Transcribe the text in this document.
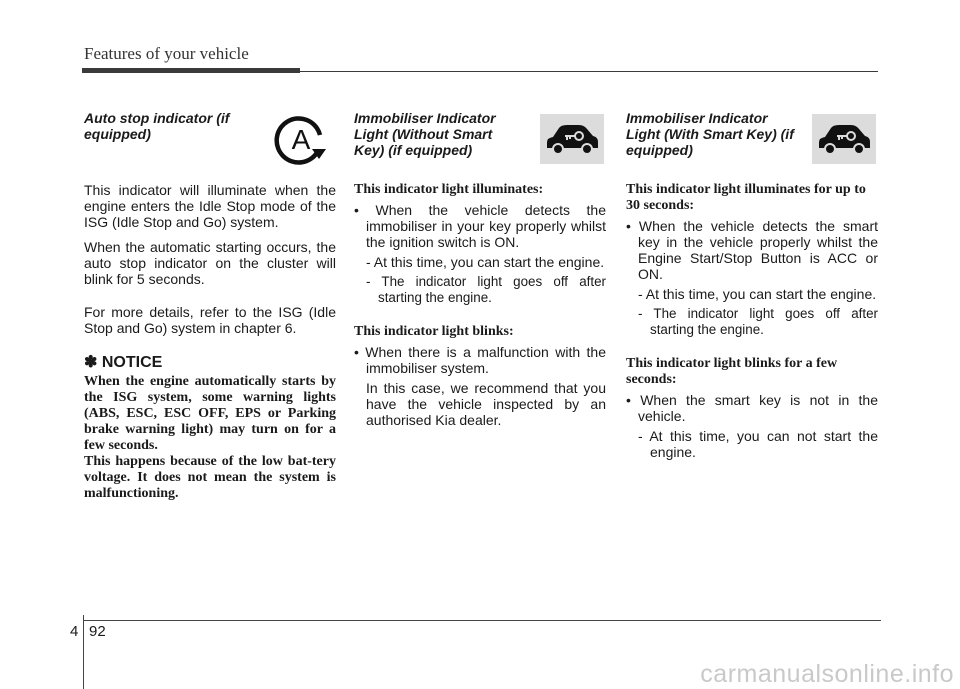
Features of your vehicle

Auto stop indicator (if equipped)	A

This indicator will illuminate when the engine enters the Idle Stop mode of the ISG (Idle Stop and Go) system.

When the automatic starting occurs, the auto stop indicator on the cluster will blink for 5 seconds.

For more details, refer to the ISG (Idle Stop and Go) system in chapter 6.

✽ NOTICE

When the engine automatically starts by the ISG system, some warning lights (ABS, ESC, ESC OFF, EPS or Parking brake warning light) may turn on for a few seconds.

This happens because of the low bat-tery voltage. It does not mean the system is malfunctioning.

Immobiliser Indicator Light (Without Smart Key) (if equipped)

This indicator light illuminates:

• When the vehicle detects the immobiliser in your key properly whilst the ignition switch is ON.

- At this time, you can start the engine.

- The indicator light goes off after starting the engine.

This indicator light blinks:

• When there is a malfunction with the immobiliser system.

In this case, we recommend that you have the vehicle inspected by an authorised Kia dealer.

Immobiliser Indicator Light (With Smart Key) (if equipped)

This indicator light illuminates for up to 30 seconds:

• When the vehicle detects the smart key in the vehicle properly whilst the Engine Start/Stop Button is ACC or ON.

- At this time, you can start the engine.

- The indicator light goes off after starting the engine.

This indicator light blinks for a few seconds:

• When the smart key is not in the vehicle.

- At this time, you can not start the engine.

4 92
carmanualsonline.info
